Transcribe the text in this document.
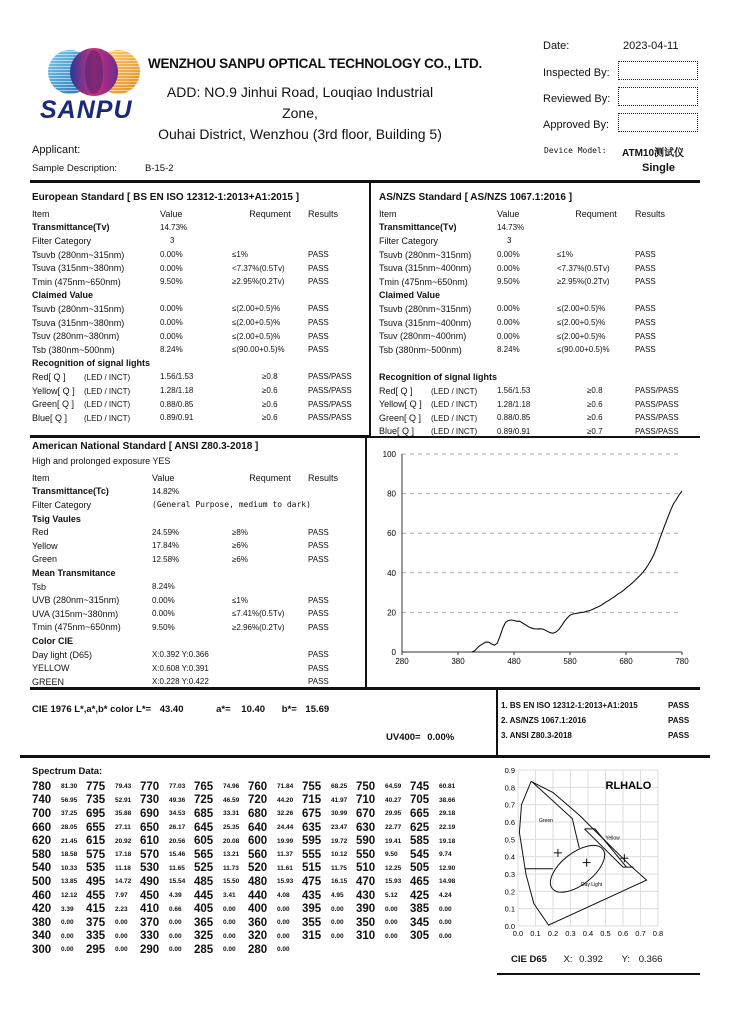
SANPU
WENZHOU SANPU OPTICAL TECHNOLOGY CO., LTD.
ADD: NO.9 Jinhui Road, Louqiao Industrial Zone,
Ouhai District, Wenzhou (3rd floor, Building 5)
Date:	2023-04-11
Inspected By:
Reviewed By:
Approved By:
Applicant:
Sample Description:	B-15-2
Device Model: ATM10测试仪
Single
European Standard [ BS EN ISO 12312-1:2013+A1:2015 ]
Item	Value	Requment	Results
Transmittance(Tv)	14.73%		
Filter Category	3		
Tsuvb (280nm~315nm)	0.00%	≤1%	PASS
Tsuva (315nm~380nm)	0.00%	<7.37%(0.5Tv)	PASS
Tmin (475nm~650nm)	9.50%	≥2.95%(0.2Tv)	PASS
Claimed Value			
Tsuvb (280nm~315nm)	0.00%	≤(2.00+0.5)%	PASS
Tsuva (315nm~380nm)	0.00%	≤(2.00+0.5)%	PASS
Tsuv (280nm~380nm)	0.00%	≤(2.00+0.5)%	PASS
Tsb (380nm~500nm)	8.24%	≤(90.00+0.5)%	PASS
Recognition of signal lights			
Red[ Q ] (LED / INCT)	1.56/1.53	≥0.8	PASS/PASS
Yellow[ Q ] (LED / INCT)	1.28/1.18	≥0.6	PASS/PASS
Green[ Q ] (LED / INCT)	0.88/0.85	≥0.6	PASS/PASS
Blue[ Q ] (LED / INCT)	0.89/0.91	≥0.6	PASS/PASS
AS/NZS Standard [ AS/NZS 1067.1:2016 ]
Item	Value	Requment	Results
Transmittance(Tv)	14.73%		
Filter Category	3		
Tsuvb (280nm~315nm)	0.00%	≤1%	PASS
Tsuva (315nm~400nm)	0.00%	<7.37%(0.5Tv)	PASS
Tmin (475nm~650nm)	9.50%	≥2.95%(0.2Tv)	PASS
Claimed Value			
Tsuvb (280nm~315nm)	0.00%	≤(2.00+0.5)%	PASS
Tsuva (315nm~400nm)	0.00%	≤(2.00+0.5)%	PASS
Tsuv (280nm~400nm)	0.00%	≤(2.00+0.5)%	PASS
Tsb (380nm~500nm)	8.24%	≤(90.00+0.5)%	PASS

Recognition of signal lights			
Red[ Q ] (LED / INCT)	1.56/1.53	≥0.8	PASS/PASS
Yellow[ Q ] (LED / INCT)	1.28/1.18	≥0.6	PASS/PASS
Green[ Q ] (LED / INCT)	0.88/0.85	≥0.6	PASS/PASS
Blue[ Q ] (LED / INCT)	0.89/0.91	≥0.7	PASS/PASS
American National Standard [ ANSI Z80.3-2018 ]
High and prolonged exposure YES
Item	Value	Requment	Results
Transmittance(Tc)	14.82%		
Filter Category	(General Purpose, medium to dark)		
Tsig Vaules			
Red	24.59%	≥8%	PASS
Yellow	17.84%	≥6%	PASS
Green	12.58%	≥6%	PASS
Mean Transmitance			
Tsb	8.24%		
UVB (280nm~315nm)	0.00%	≤1%	PASS
UVA (315nm~380nm)	0.00%	≤7.41%(0.5Tv)	PASS
Tmin (475nm~650nm)	9.50%	≥2.96%(0.2Tv)	PASS
Color CIE			
Day light (D65)	X:0.392 Y:0.366		PASS
YELLOW	X:0.608 Y:0.391		PASS
GREEN	X:0.228 Y:0.422		PASS
0
20
40
60
80
100
280	380	480	580	680	780
CIE 1976 L*,a*,b* color L*= 43.40	a*= 10.40 b*= 15.69
UV400= 0.00%
1. BS EN ISO 12312-1:2013+A1:2015	PASS
2. AS/NZS 1067.1:2016	PASS
3. ANSI Z80.3-2018	PASS
Spectrum Data:
780	81.30	775	79.43	770	77.03	765	74.96	760	71.84	755	68.25	750	64.59	745	60.81
740	56.95	735	52.91	730	49.36	725	46.59	720	44.20	715	41.97	710	40.27	705	38.66
700	37.25	695	35.88	690	34.53	685	33.31	680	32.26	675	30.99	670	29.95	665	29.18
660	28.05	655	27.11	650	26.17	645	25.35	640	24.44	635	23.47	630	22.77	625	22.19
620	21.45	615	20.92	610	20.56	605	20.08	600	19.99	595	19.72	590	19.41	585	19.18
580	18.58	575	17.18	570	15.46	565	13.21	560	11.37	555	10.12	550	9.50	545	9.74
540	10.33	535	11.18	530	11.65	525	11.73	520	11.61	515	11.75	510	12.25	505	12.90
500	13.85	495	14.72	490	15.54	485	15.50	480	15.93	475	16.15	470	15.93	465	14.98
460	12.12	455	7.97	450	4.39	445	3.41	440	4.08	435	4.95	430	5.12	425	4.24
420	3.39	415	2.23	410	0.66	405	0.00	400	0.00	395	0.00	390	0.00	385	0.00
380	0.00	375	0.00	370	0.00	365	0.00	360	0.00	355	0.00	350	0.00	345	0.00
340	0.00	335	0.00	330	0.00	325	0.00	320	0.00	315	0.00	310	0.00	305	0.00
300	0.00	295	0.00	290	0.00	285	0.00	280	0.00						
0.0 0.1 0.2 0.3 0.4 0.5 0.6 0.7 0.8
0.0
0.1
0.2
0.3
0.4
0.5
0.6
0.7
0.8
0.9
RLHALO
Green
Yellow
Day Light
CIE D65 X: 0.392 Y: 0.366
